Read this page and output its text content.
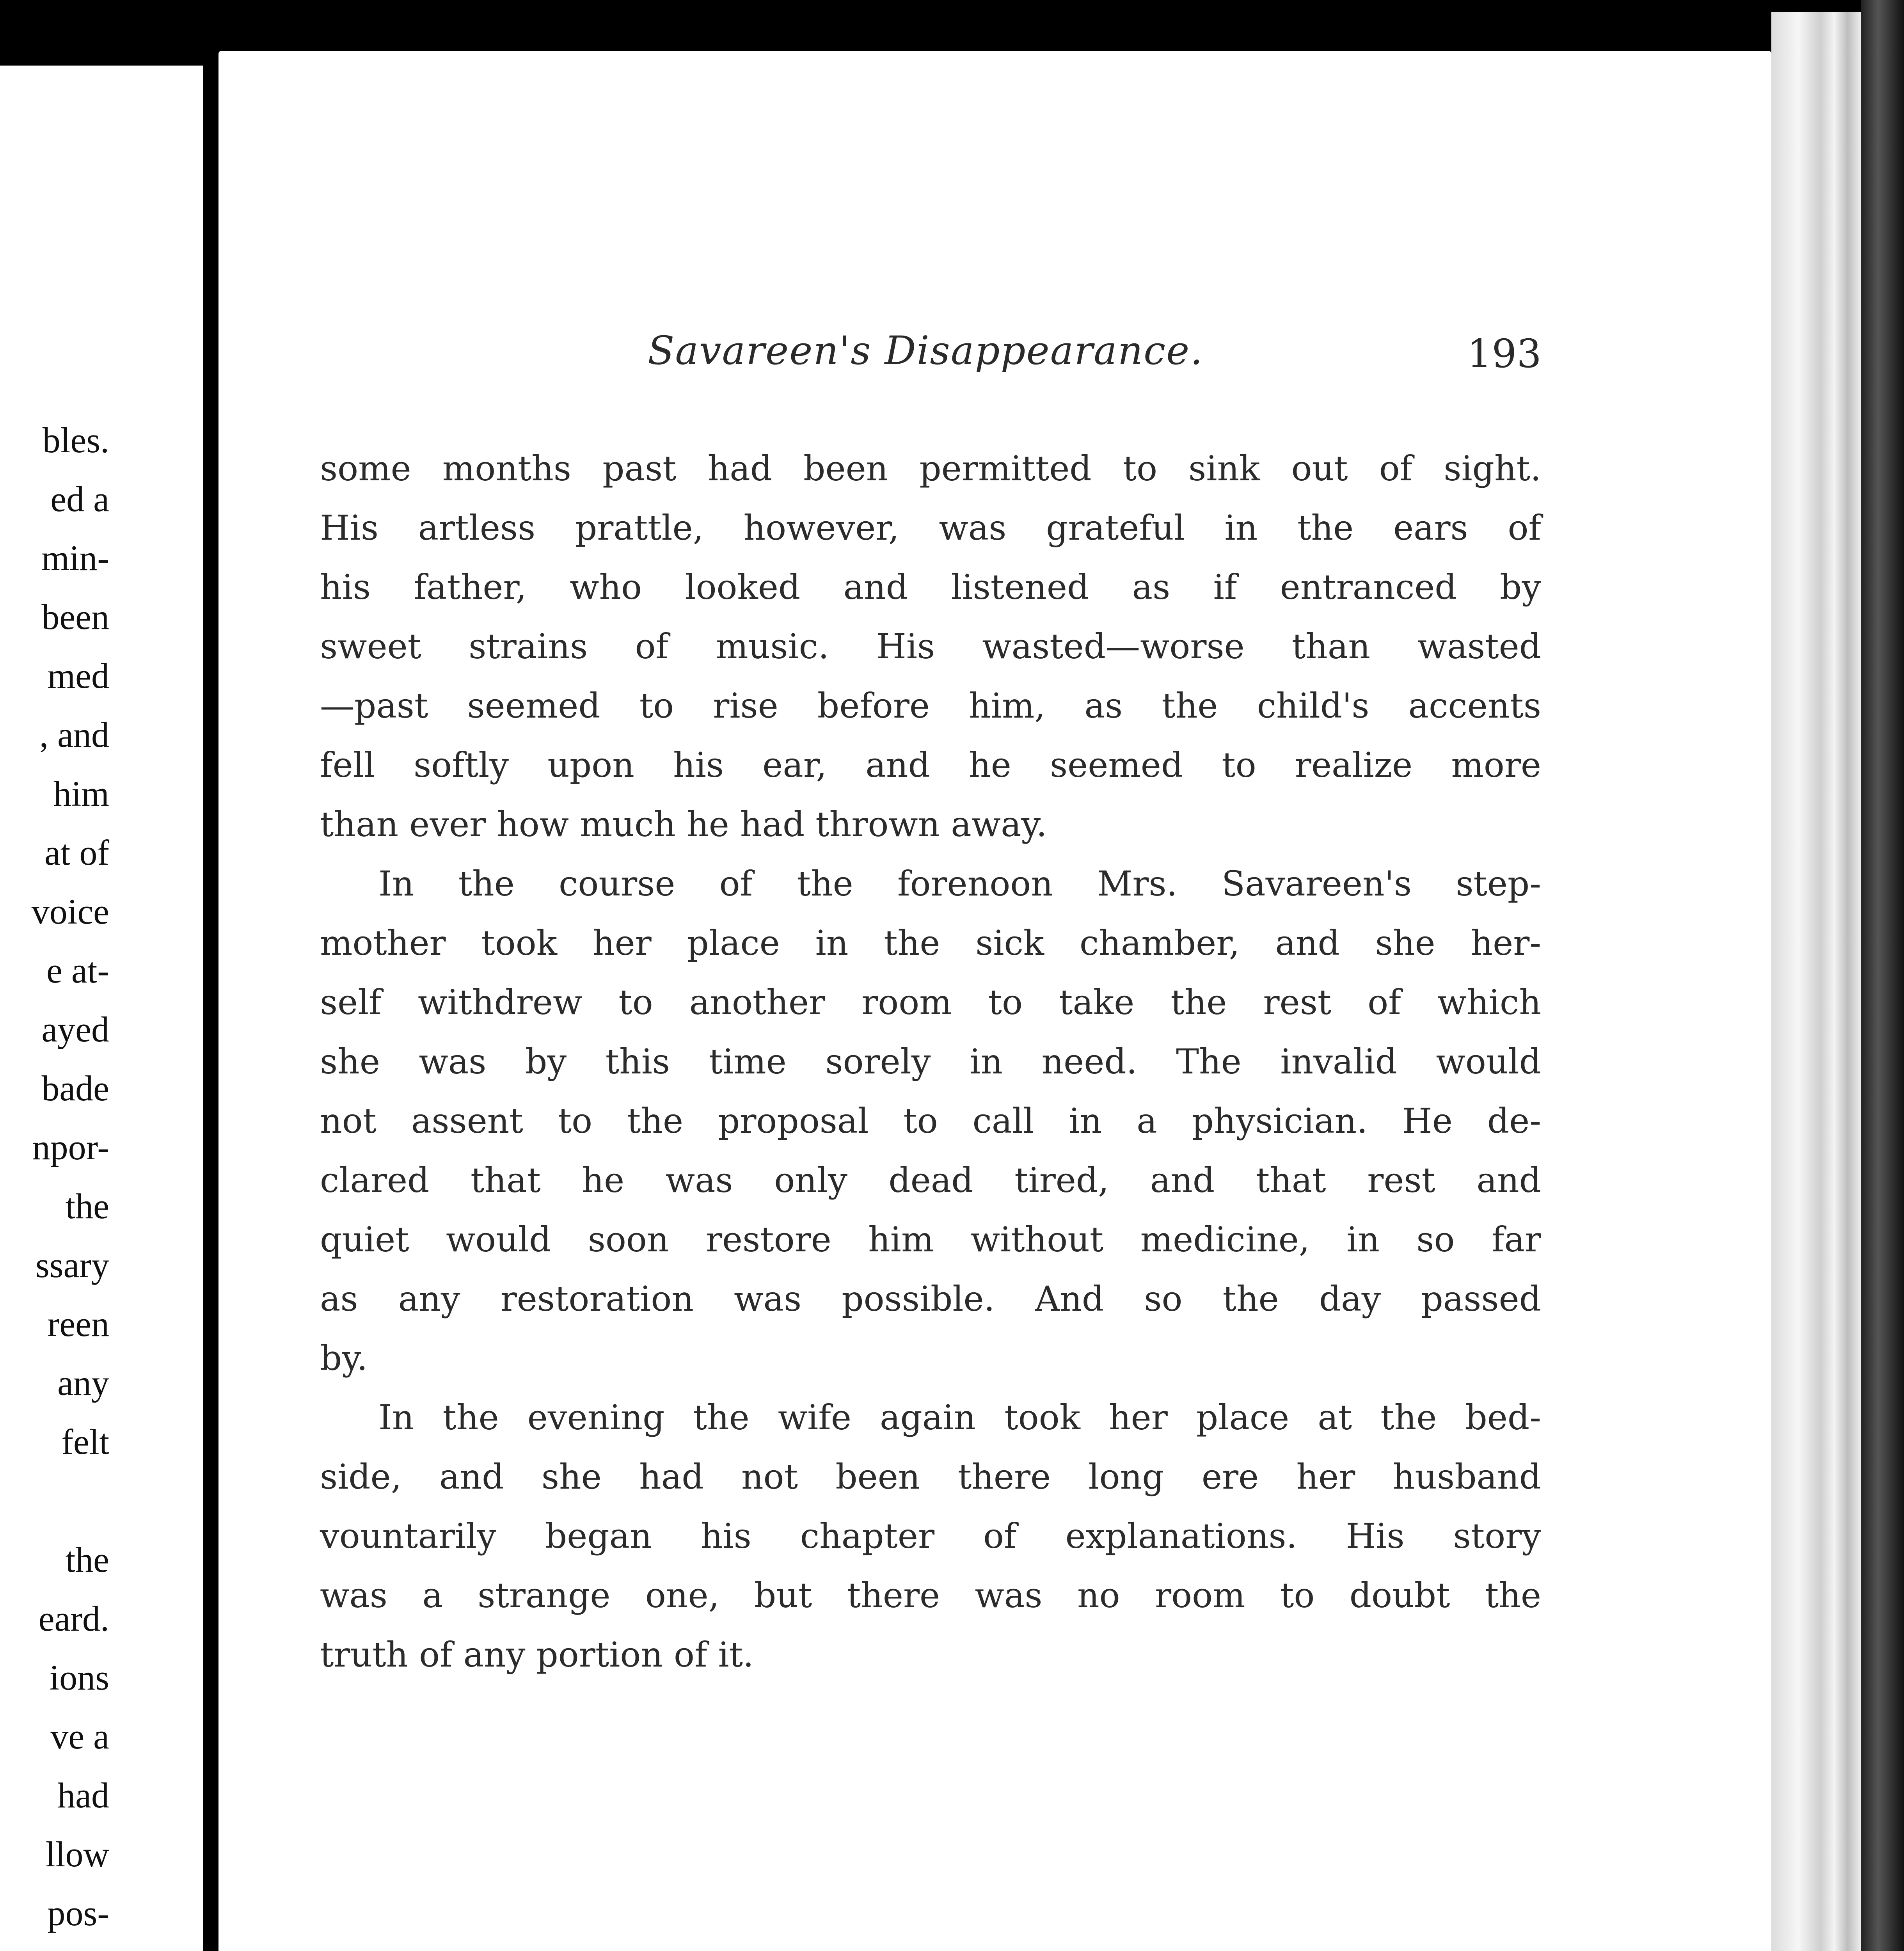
bles.
ed a
min-
been
med
, and
him
at of
voice
e at-
ayed
bade
npor-
the
ssary
reen
any
felt
the
eard.
ions
ve a
had
llow
pos-
Savareen's Disappearance.	193
some months past had been permitted to sink out of sight.
His artless prattle, however, was grateful in the ears of
his father, who looked and listened as if entranced by
sweet strains of music. His wasted—worse than wasted
—past seemed to rise before him, as the child's accents
fell softly upon his ear, and he seemed to realize more
than ever how much he had thrown away.
In the course of the forenoon Mrs. Savareen's step-
mother took her place in the sick chamber, and she her-
self withdrew to another room to take the rest of which
she was by this time sorely in need. The invalid would
not assent to the proposal to call in a physician. He de-
clared that he was only dead tired, and that rest and
quiet would soon restore him without medicine, in so far
as any restoration was possible. And so the day passed
by.
In the evening the wife again took her place at the bed-
side, and she had not been there long ere her husband
vountarily began his chapter of explanations. His story
was a strange one, but there was no room to doubt the
truth of any portion of it.
